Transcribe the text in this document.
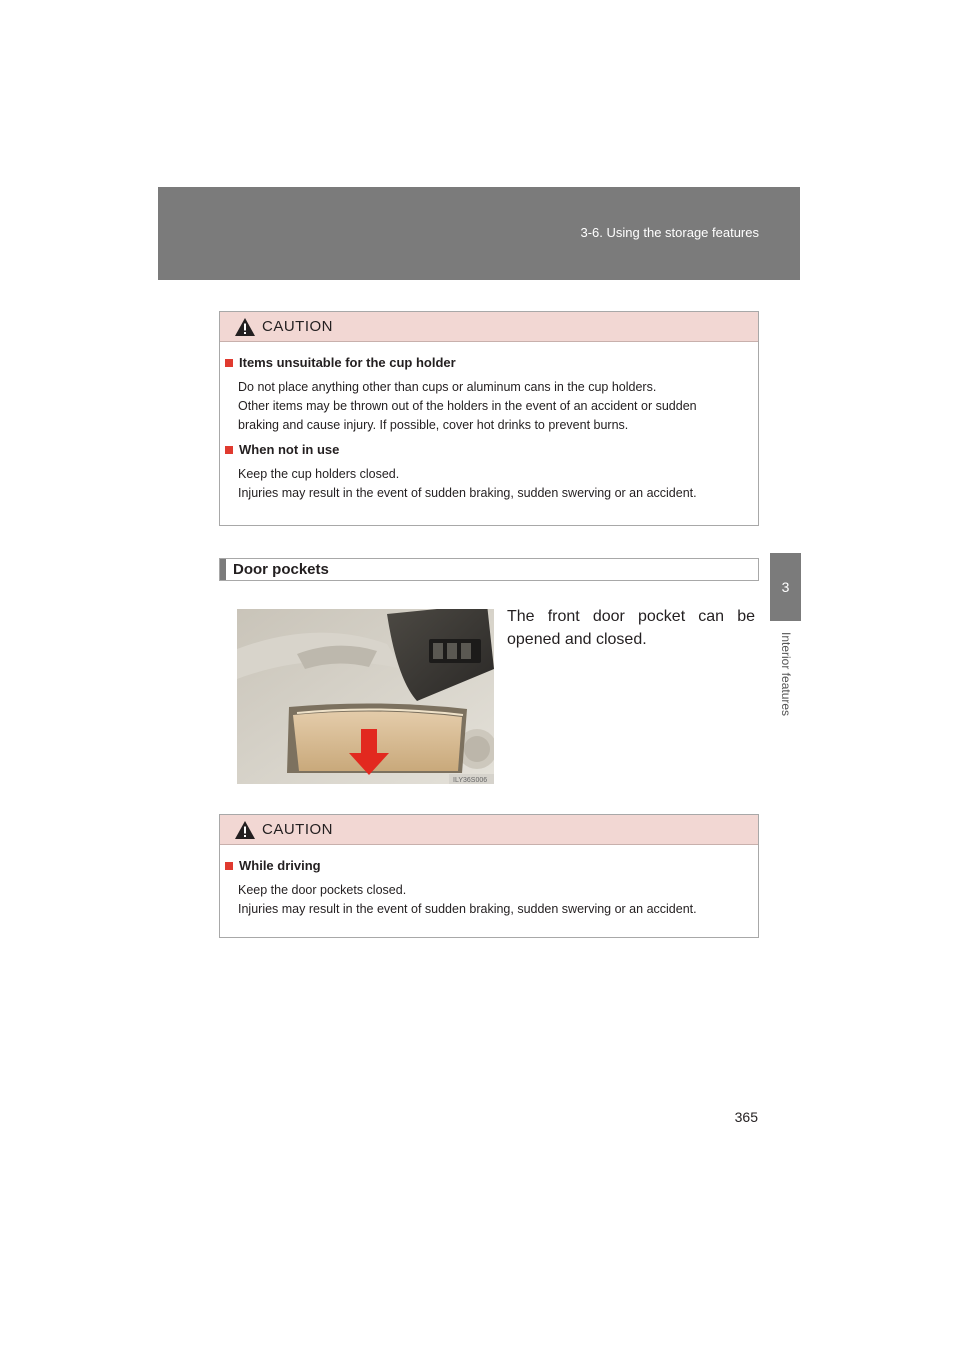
3-6. Using the storage features
3
Interior features
CAUTION
Items unsuitable for the cup holder
Do not place anything other than cups or aluminum cans in the cup holders.
Other items may be thrown out of the holders in the event of an accident or sudden
braking and cause injury. If possible, cover hot drinks to prevent burns.
When not in use
Keep the cup holders closed.
Injuries may result in the event of sudden braking, sudden swerving or an accident.
Door pockets
ILY36S006
The front door pocket can be opened and closed.
CAUTION
While driving
Keep the door pockets closed.
Injuries may result in the event of sudden braking, sudden swerving or an accident.
365
